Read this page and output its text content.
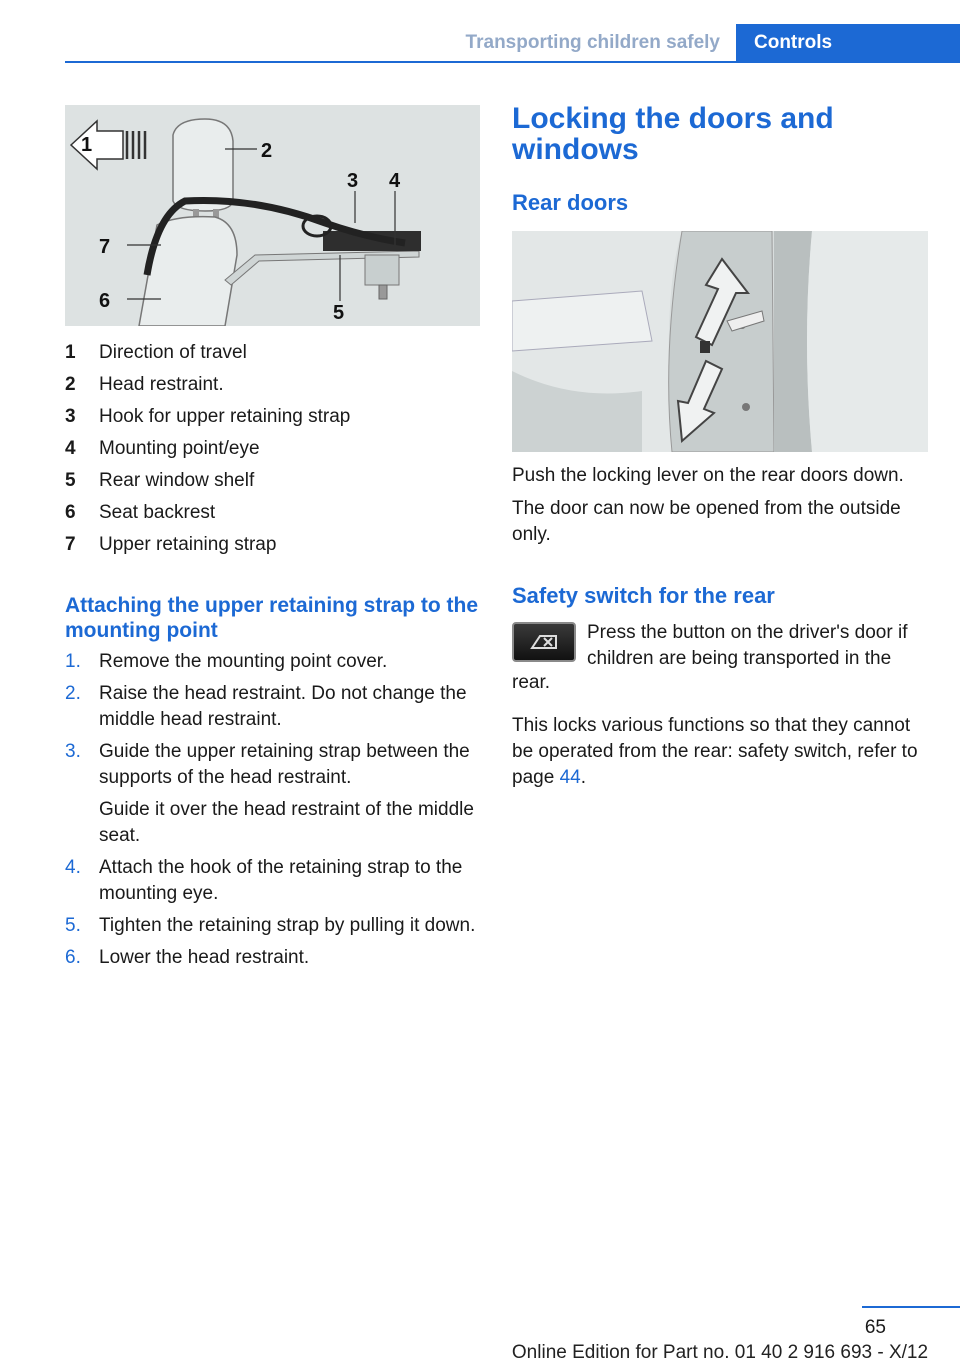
Transporting children safely	Controls
1	2
3 4
5
6
7
1	Direction of travel
2	Head restraint.
3	Hook for upper retaining strap
4	Mounting point/eye
5	Rear window shelf
6	Seat backrest
7	Upper retaining strap
Attaching the upper retaining strap to the mounting point
1. Remove the mounting point cover.
2. Raise the head restraint. Do not change the middle head restraint.
3. Guide the upper retaining strap between the supports of the head restraint.
Guide it over the head restraint of the middle seat.
4. Attach the hook of the retaining strap to the mounting eye.
5. Tighten the retaining strap by pulling it down.
6. Lower the head restraint.
Locking the doors and windows
Rear doors
Push the locking lever on the rear doors down.
The door can now be opened from the outside only.
Safety switch for the rear
Press the button on the driver's door if children are being transported in the
rear.
This locks various functions so that they cannot be operated from the rear: safety switch, refer to page 44.
65
Online Edition for Part no. 01 40 2 916 693 - X/12
